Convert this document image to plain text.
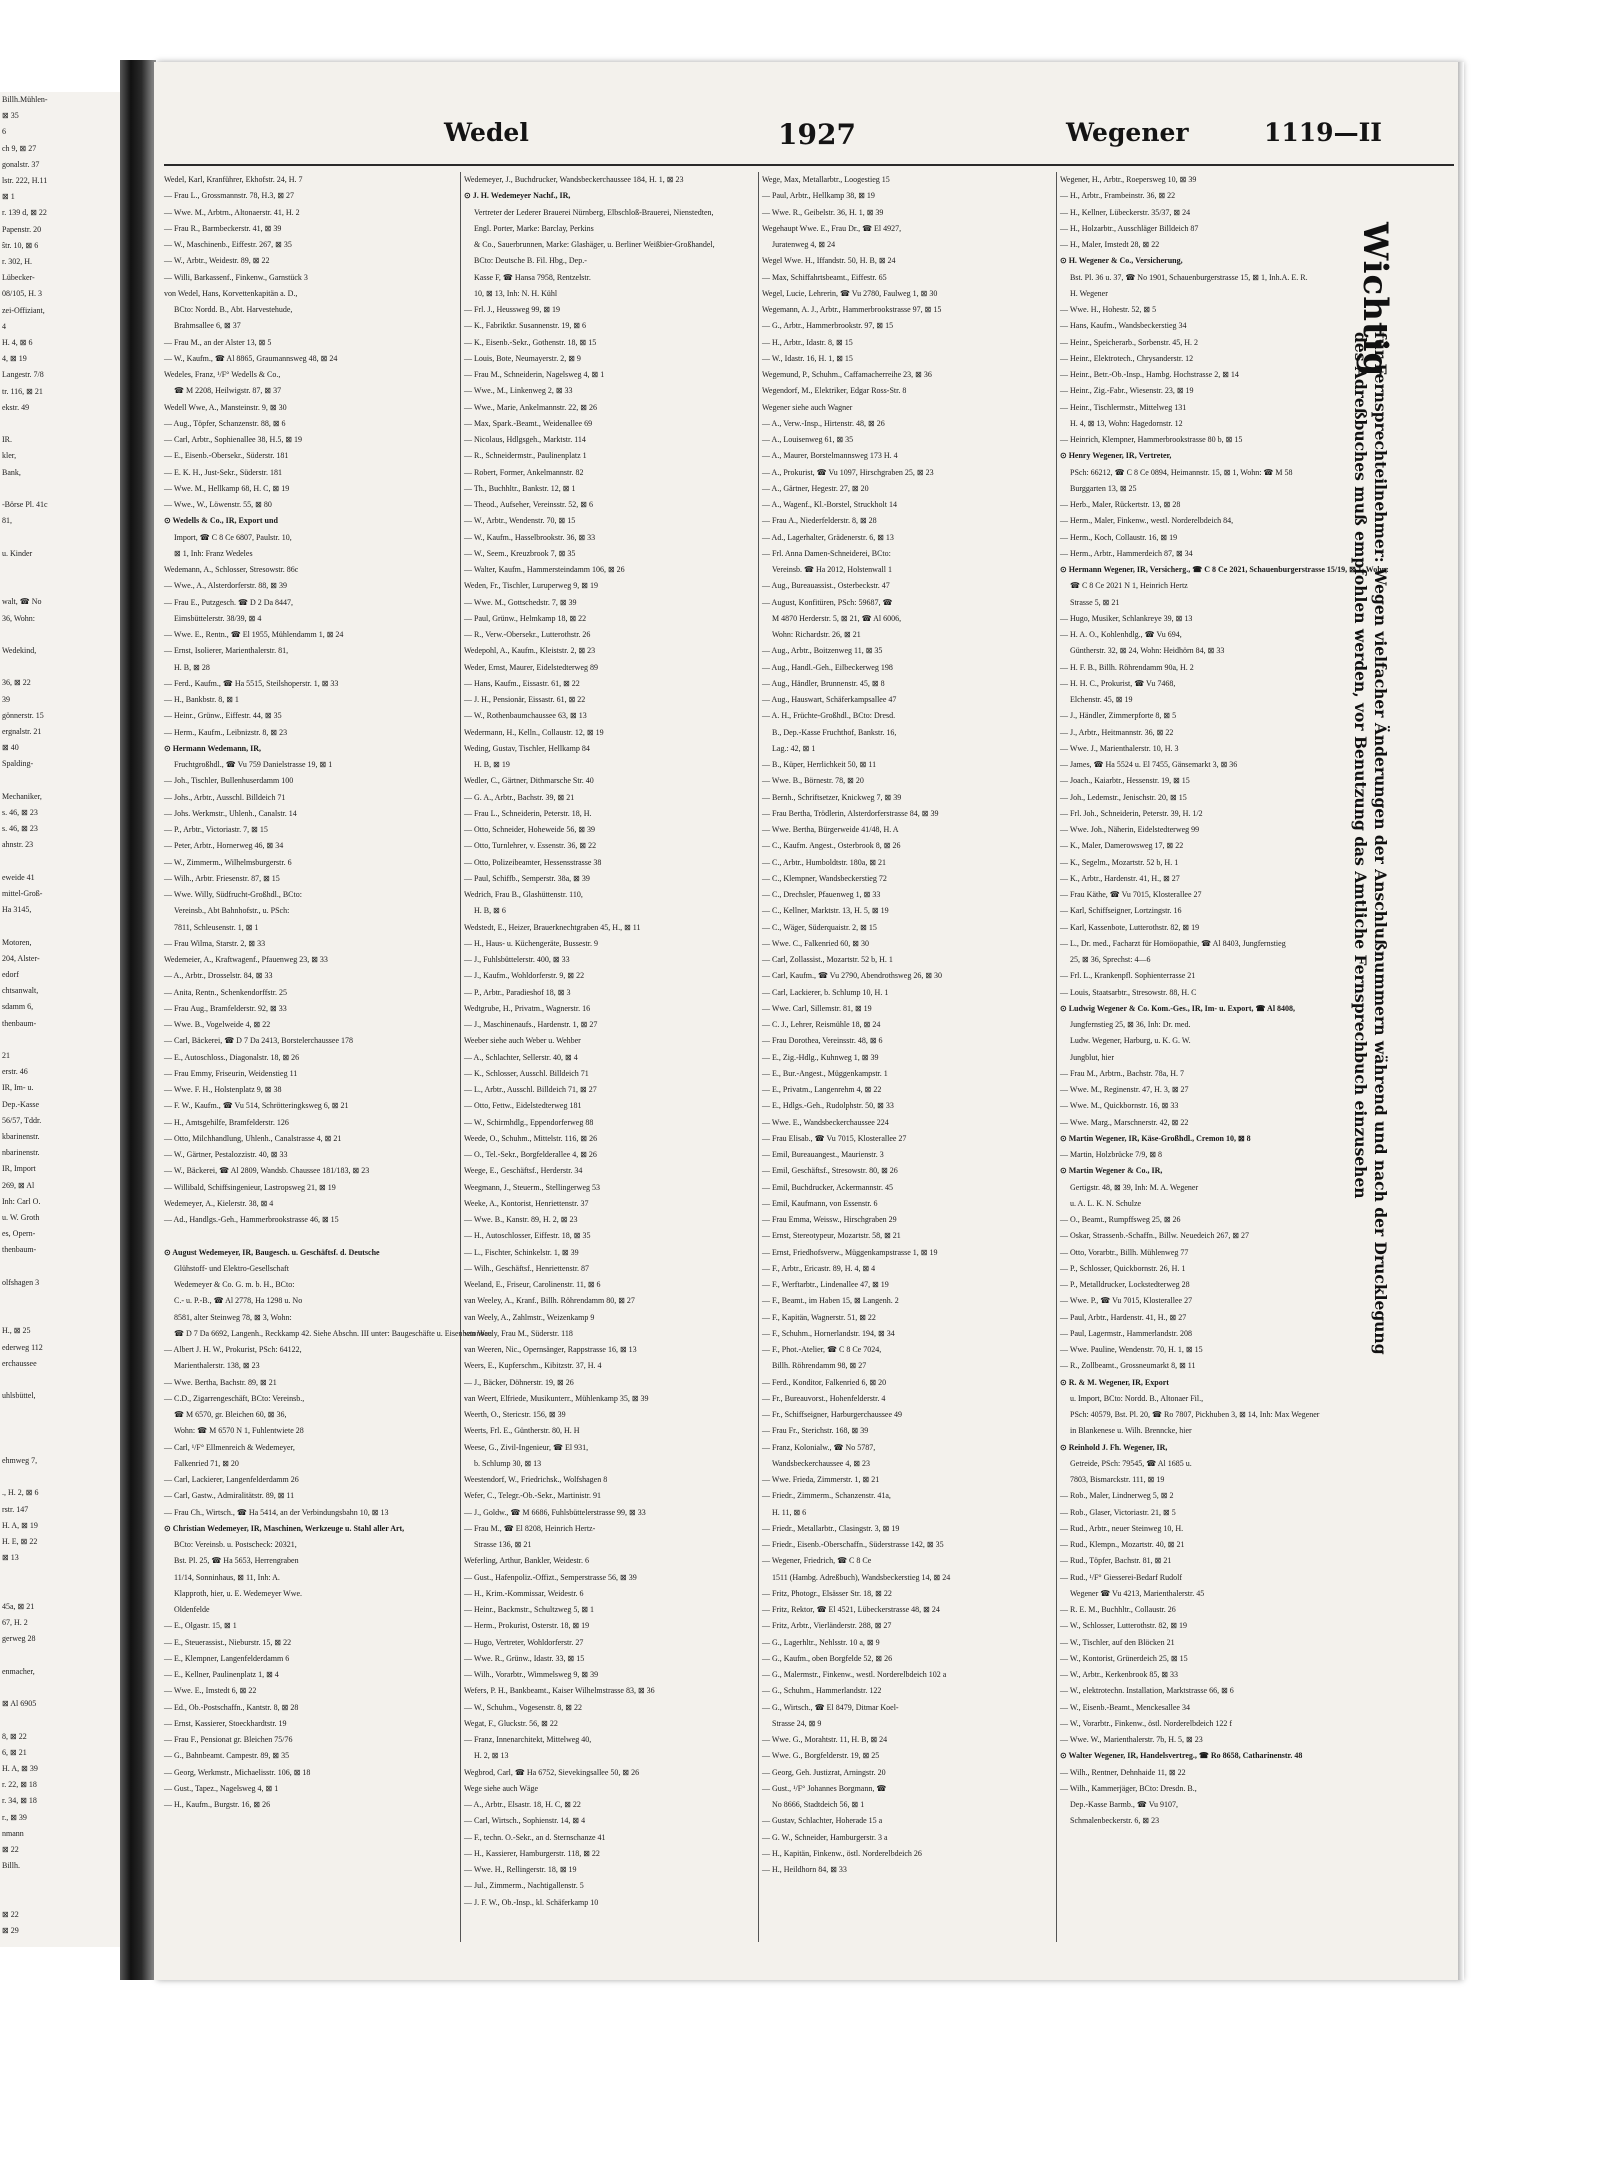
Billh.Mühlen-
⊠ 35
6
ch 9, ⊠ 27
gonalstr. 37
lstr. 222, H.11
⊠ 1
r. 139 d, ⊠ 22
Papenstr. 20
ŝtr. 10, ⊠ 6
r. 302, H.
Lübecker-
08/105, H. 3
zei-Offiziant,
4
H. 4, ⊠ 6
4, ⊠ 19
Langestr. 7/8
tr. 116, ⊠ 21
ekstr. 49

IR.
kler,
Bank,

-Börse Pl. 41c
81,

u. Kinder

walt, ☎ No
36, Wohn:

Wedekind,

36, ⊠ 22
39
gönnerstr. 15
ergnalstr. 21
⊠ 40
Spalding-

Mechaniker,
s. 46, ⊠ 23
s. 46, ⊠ 23
ahnstr. 23

eweide 41
mittel-Groß-
Ha 3145,

Motoren,
204, Alster-
edorf
chtsanwalt,
sdamm 6,
thenbaum-

21
erstr. 46
IR, Im- u.
Dep.-Kasse
56/57, Tddr.
kbarinenstr.
nbarinenstr.
IR, Import
269, ⊠ Al
Inh: Carl O.
u. W. Groth
es, Opern-
thenbaum-

olfshagen 3

H., ⊠ 25
ederweg 112
erchaussee

uhlsbüttel,

ehmweg 7,

., H. 2, ⊠ 6
rstr. 147
H. A, ⊠ 19
H. E, ⊠ 22
⊠ 13

45a, ⊠ 21
67, H. 2
gerweg 28

enmacher,

⊠ Al 6905

8, ⊠ 22
6, ⊠ 21
H. A, ⊠ 39
r. 22, ⊠ 18
r. 34, ⊠ 18
r., ⊠ 39
nmann
⊠ 22
Billh.

⊠ 22
⊠ 29
Wedel	1927	Wegener	1119—II
Wedel, Karl, Kranführer, Ekhofstr. 24, H. 7
— Frau L., Grossmannstr. 78, H.3, ⊠ 27
— Wwe. M., Arbtrn., Altonaerstr. 41, H. 2
— Frau R., Barmbeckerstr. 41, ⊠ 39
— W., Maschinenb., Eiffestr. 267, ⊠ 35
— W., Arbtr., Weidestr. 89, ⊠ 22
— Willi, Barkassenf., Finkenw., Garnstück 3
von Wedel, Hans, Korvettenkapitän a. D.,
BCto: Nordd. B., Abt. Harvestehude,
Brahmsallee 6, ⊠ 37
— Frau M., an der Alster 13, ⊠ 5
— W., Kaufm., ☎ Al 8865, Graumannsweg 48, ⊠ 24
Wedeles, Franz, ¹/F° Wedells & Co.,
☎ M 2208, Heilwigstr. 87, ⊠ 37
Wedell Wwe, A., Mansteinstr. 9, ⊠ 30
— Aug., Töpfer, Schanzenstr. 88, ⊠ 6
— Carl, Arbtr., Sophienallee 38, H.5, ⊠ 19
— E., Eisenb.-Obersekr., Süderstr. 181
— E. K. H., Just-Sekr., Süderstr. 181
— Wwe. M., Hellkamp 68, H. C, ⊠ 19
— Wwe., W., Löwenstr. 55, ⊠ 80
⊙ Wedells & Co., IR, Export und
Import, ☎ C 8 Ce 6807, Paulstr. 10,
⊠ 1, Inh: Franz Wedeles
Wedemann, A., Schlosser, Stresowstr. 86c
— Wwe., A., Alsterdorferstr. 88, ⊠ 39
— Frau E., Putzgesch. ☎ D 2 Da 8447,
Eimsbüttelerstr. 38/39, ⊠ 4
— Wwe. E., Rentn., ☎ El 1955, Mühlendamm 1, ⊠ 24
— Ernst, Isolierer, Marienthalerstr. 81,
H. B, ⊠ 28
— Ferd., Kaufm., ☎ Ha 5515, Steilshoperstr. 1, ⊠ 33
— H., Bankbstr. 8, ⊠ 1
— Heinr., Grünw., Eiffestr. 44, ⊠ 35
— Herm., Kaufm., Leibnizstr. 8, ⊠ 23
⊙ Hermann Wedemann, IR,
Fruchtgroßhdl., ☎ Vu 759 Danielstrasse 19, ⊠ 1
— Joh., Tischler, Bullenhuserdamm 100
— Johs., Arbtr., Ausschl. Billdeich 71
— Johs. Werkmstr., Uhlenh., Canalstr. 14
— P., Arbtr., Victoriastr. 7, ⊠ 15
— Peter, Arbtr., Hornerweg 46, ⊠ 34
— W., Zimmerm., Wilhelmsburgerstr. 6
— Wilh., Arbtr. Friesenstr. 87, ⊠ 15
— Wwe. Willy, Südfrucht-Großhdl., BCto:
Vereinsb., Abt Bahnhofstr., u. PSch:
7811, Schleusenstr. 1, ⊠ 1
— Frau Wilma, Starstr. 2, ⊠ 33
Wedemeier, A., Kraftwagenf., Pfauenweg 23, ⊠ 33
— A., Arbtr., Drosselstr. 84, ⊠ 33
— Anita, Rentn., Schenkendorffstr. 25
— Frau Aug., Bramfelderstr. 92, ⊠ 33
— Wwe. B., Vogelweide 4, ⊠ 22
— Carl, Bäckerei, ☎ D 7 Da 2413, Borstelerchaussee 178
— E., Autoschloss., Diagonalstr. 18, ⊠ 26
— Frau Emmy, Friseurin, Weidenstieg 11
— Wwe. F. H., Holstenplatz 9, ⊠ 38
— F. W., Kaufm., ☎ Vu 514, Schrötteringksweg 6, ⊠ 21
— H., Amtsgehilfe, Bramfelderstr. 126
— Otto, Milchhandlung, Uhlenh., Canalstrasse 4, ⊠ 21
— W., Gärtner, Pestalozzistr. 40, ⊠ 33
— W., Bäckerei, ☎ Al 2809, Wandsb. Chaussee 181/183, ⊠ 23
— Willibald, Schiffsingenieur, Lastropsweg 21, ⊠ 19
Wedemeyer, A., Kielerstr. 38, ⊠ 4
— Ad., Handlgs.-Geh., Hammerbrookstrasse 46, ⊠ 15

⊙ August Wedemeyer, IR, Baugesch. u. Geschäftsf. d. Deutsche
Glühstoff- und Elektro-Gesellschaft
Wedemeyer & Co. G. m. b. H., BCto:
C.- u. P.-B., ☎ Al 2778, Ha 1298 u. No
8581, alter Steinweg 78, ⊠ 3, Wohn:
☎ D 7 Da 6692, Langenh., Reckkamp 42. Siehe Abschn. III unter: Baugeschäfte u. Eisenbetonbau
— Albert J. H. W., Prokurist, PSch: 64122,
Marienthalerstr. 138, ⊠ 23
— Wwe. Bertha, Bachstr. 89, ⊠ 21
— C.D., Zigarrengeschäft, BCto: Vereinsb.,
☎ M 6570, gr. Bleichen 60, ⊠ 36,
Wohn: ☎ M 6570 N 1, Fuhlentwiete 28
— Carl, ¹/F° Ellmenreich & Wedemeyer,
Falkenried 71, ⊠ 20
— Carl, Lackierer, Langenfelderdamm 26
— Carl, Gastw., Admiralitätstr. 89, ⊠ 11
— Frau Ch., Wirtsch., ☎ Ha 5414, an der Verbindungsbahn 10, ⊠ 13
⊙ Christian Wedemeyer, IR, Maschinen, Werkzeuge u. Stahl aller Art,
BCto: Vereinsb. u. Postscheck: 20321,
Bst. Pl. 25, ☎ Ha 5653, Herrengraben
11/14, Sonninhaus, ⊠ 11, Inh: A.
Klapproth, hier, u. E. Wedemeyer Wwe.
Oldenfelde
— E., Olgastr. 15, ⊠ 1
— E., Steuerassist., Nieburstr. 15, ⊠ 22
— E., Klempner, Langenfelderdamm 6
— E., Kellner, Paulinenplatz 1, ⊠ 4
— Wwe. E., Imstedt 6, ⊠ 22
— Ed., Ob.-Postschaffn., Kantstr. 8, ⊠ 28
— Ernst, Kassierer, Stoeckhardtstr. 19
— Frau F., Pensionat gr. Bleichen 75/76
— G., Bahnbeamt. Campestr. 89, ⊠ 35
— Georg, Werkmstr., Michaelisstr. 106, ⊠ 18
— Gust., Tapez., Nagelsweg 4, ⊠ 1
— H., Kaufm., Burgstr. 16, ⊠ 26
Wedemeyer, J., Buchdrucker, Wandsbeckerchaussee 184, H. 1, ⊠ 23
⊙ J. H. Wedemeyer Nachf., IR,
Vertreter der Lederer Brauerei Nürnberg, Elbschloß-Brauerei, Nienstedten,
Engl. Porter, Marke: Barclay, Perkins
& Co., Sauerbrunnen, Marke: Glashäger, u. Berliner Weißbier-Großhandel,
BCto: Deutsche B. Fil. Hbg., Dep.-
Kasse F, ☎ Hansa 7958, Rentzelstr.
10, ⊠ 13, Inh: N. H. Kühl
— Frl. J., Heussweg 99, ⊠ 19
— K., Fabriktkr. Susannenstr. 19, ⊠ 6
— K., Eisenb.-Sekr., Gothenstr. 18, ⊠ 15
— Louis, Bote, Neumayerstr. 2, ⊠ 9
— Frau M., Schneiderin, Nagelsweg 4, ⊠ 1
— Wwe., M., Linkenweg 2, ⊠ 33
— Wwe., Marie, Ankelmannstr. 22, ⊠ 26
— Max, Spark.-Beamt., Weidenallee 69
— Nicolaus, Hdlgsgeh., Marktstr. 114
— R., Schneidermstr., Paulinenplatz 1
— Robert, Former, Ankelmannstr. 82
— Th., Buchhltr., Bankstr. 12, ⊠ 1
— Theod., Aufseher, Vereinsstr. 52, ⊠ 6
— W., Arbtr., Wendenstr. 70, ⊠ 15
— W., Kaufm., Hasselbrookstr. 36, ⊠ 33
— W., Seem., Kreuzbrook 7, ⊠ 35
— Walter, Kaufm., Hammersteindamm 106, ⊠ 26
Weden, Fr., Tischler, Luruperweg 9, ⊠ 19
— Wwe. M., Gottschedstr. 7, ⊠ 39
— Paul, Grünw., Helmkamp 18, ⊠ 22
— R., Verw.-Obersekr., Lutterothstr. 26
Wedepohl, A., Kaufm., Kleiststr. 2, ⊠ 23
Weder, Ernst, Maurer, Eidelstedterweg 89
— Hans, Kaufm., Eissastr. 61, ⊠ 22
— J. H., Pensionär, Eissastr. 61, ⊠ 22
— W., Rothenbaumchaussee 63, ⊠ 13
Wedermann, H., Kelln., Collaustr. 12, ⊠ 19
Weding, Gustav, Tischler, Hellkamp 84
H. B, ⊠ 19
Wedler, C., Gärtner, Dithmarsche Str. 40
— G. A., Arbtr., Bachstr. 39, ⊠ 21
— Frau L., Schneiderin, Peterstr. 18, H.
— Otto, Schneider, Hoheweide 56, ⊠ 39
— Otto, Turnlehrer, v. Essenstr. 36, ⊠ 22
— Otto, Polizeibeamter, Hessensstrasse 38
— Paul, Schiffb., Semperstr. 38a, ⊠ 39
Wedrich, Frau B., Glashüttenstr. 110,
H. B, ⊠ 6
Wedstedt, E., Heizer, Brauerknechtgraben 45, H., ⊠ 11
— H., Haus- u. Küchengeräte, Bussestr. 9
— J., Fuhlsbüttelerstr. 400, ⊠ 33
— J., Kaufm., Wohldorferstr. 9, ⊠ 22
— P., Arbtr., Paradieshof 18, ⊠ 3
Wedtgrube, H., Privatm., Wagnerstr. 16
— J., Maschinenaufs., Hardenstr. 1, ⊠ 27
Weeber siehe auch Weber u. Wehber
— A., Schlachter, Sellerstr. 40, ⊠ 4
— K., Schlosser, Ausschl. Billdeich 71
— L., Arbtr., Ausschl. Billdeich 71, ⊠ 27
— Otto, Fettw., Eidelstedterweg 181
— W., Schirmhdlg., Eppendorferweg 88
Weede, O., Schuhm., Mittelstr. 116, ⊠ 26
— O., Tel.-Sekr., Borgfelderallee 4, ⊠ 26
Weege, E., Geschäftsf., Herderstr. 34
Weegmann, J., Steuerm., Stellingerweg 53
Weeke, A., Kontorist, Henriettenstr. 37
— Wwe. B., Kanstr. 89, H. 2, ⊠ 23
— H., Autoschlosser, Eiffestr. 18, ⊠ 35
— L., Fischter, Schinkelstr. 1, ⊠ 39
— Wilh., Geschäftsf., Henriettenstr. 87
Weeland, E., Friseur, Carolinenstr. 11, ⊠ 6
van Weeley, A., Kranf., Billh. Röhrendamm 80, ⊠ 27
van Weely, A., Zahlmstr., Weizenkamp 9
van Weely, Frau M., Süderstr. 118
van Weeren, Nic., Opernsänger, Rappstrasse 16, ⊠ 13
Weers, E., Kupferschm., Kibitzstr. 37, H. 4
— J., Bäcker, Döhnerstr. 19, ⊠ 26
van Weert, Elfriede, Musikunterr., Mühlenkamp 35, ⊠ 39
Weerth, O., Stericstr. 156, ⊠ 39
Weerts, Frl. E., Güntherstr. 80, H. H
Weese, G., Zivil-Ingenieur, ☎ El 931,
b. Schlump 30, ⊠ 13
Weestendorf, W., Friedrichsk., Wolfshagen 8
Wefer, C., Telegr.-Ob.-Sekr., Martinistr. 91
— J., Goldw., ☎ M 6686, Fuhlsbüttelerstrasse 99, ⊠ 33
— Frau M., ☎ El 8208, Heinrich Hertz-
Strasse 136, ⊠ 21
Weferling, Arthur, Bankler, Weidestr. 6
— Gust., Hafenpoliz.-Offizt., Semperstrasse 56, ⊠ 39
— H., Krim.-Kommissar, Weidestr. 6
— Heinr., Backmstr., Schultzweg 5, ⊠ 1
— Herm., Prokurist, Osterstr. 18, ⊠ 19
— Hugo, Vertreter, Wohldorferstr. 27
— Wwe. R., Grünw., Idastr. 33, ⊠ 15
— Wilh., Vorarbtr., Wimmelsweg 9, ⊠ 39
Wefers, P. H., Bankbeamt., Kaiser Wilhelmstrasse 83, ⊠ 36
— W., Schuhm., Vogesenstr. 8, ⊠ 22
Wegat, F., Gluckstr. 56, ⊠ 22
— Franz, Innenarchitekt, Mittelweg 40,
H. 2, ⊠ 13
Wegbrod, Carl, ☎ Ha 6752, Sievekingsallee 50, ⊠ 26
Wege siehe auch Wäge
— A., Arbtr., Elsastr. 18, H. C, ⊠ 22
— Carl, Wirtsch., Sophienstr. 14, ⊠ 4
— F., techn. O.-Sekr., an d. Sternschanze 41
— H., Kassierer, Hamburgerstr. 118, ⊠ 22
— Wwe. H., Rellingerstr. 18, ⊠ 19
— Jul., Zimmerm., Nachtigallenstr. 5
— J. F. W., Ob.-Insp., kl. Schäferkamp 10
Wege, Max, Metallarbtr., Loogestieg 15
— Paul, Arbtr., Hellkamp 38, ⊠ 19
— Wwe. R., Geibelstr. 36, H. 1, ⊠ 39
Wegehaupt Wwe. E., Frau Dr., ☎ El 4927,
Juratenweg 4, ⊠ 24
Wegel Wwe. H., Iffandstr. 50, H. B, ⊠ 24
— Max, Schiffahrtsbeamt., Eiffestr. 65
Wegel, Lucie, Lehrerin, ☎ Vu 2780, Faulweg 1, ⊠ 30
Wegemann, A. J., Arbtr., Hammerbrookstrasse 97, ⊠ 15
— G., Arbtr., Hammerbrookstr. 97, ⊠ 15
— H., Arbtr., Idastr. 8, ⊠ 15
— W., Idastr. 16, H. 1, ⊠ 15
Wegemund, P., Schuhm., Caffamacherreihe 23, ⊠ 36
Wegendorf, M., Elektriker, Edgar Ross-Str. 8
Wegener siehe auch Wagner
— A., Verw.-Insp., Hirtenstr. 48, ⊠ 26
— A., Louisenweg 61, ⊠ 35
— A., Maurer, Borstelmannsweg 173 H. 4
— A., Prokurist, ☎ Vu 1097, Hirschgraben 25, ⊠ 23
— A., Gärtner, Hegestr. 27, ⊠ 20
— A., Wagenf., Kl.-Borstel, Struckholt 14
— Frau A., Niederfelderstr. 8, ⊠ 28
— Ad., Lagerhalter, Grädenerstr. 6, ⊠ 13
— Frl. Anna Damen-Schneiderei, BCto:
Vereinsb. ☎ Ha 2012, Holstenwall 1
— Aug., Bureauassist., Osterbeckstr. 47
— August, Konfitüren, PSch: 59687, ☎
M 4870 Herderstr. 5, ⊠ 21, ☎ Al 6006,
Wohn: Richardstr. 26, ⊠ 21
— Aug., Arbtr., Boitzenweg 11, ⊠ 35
— Aug., Handl.-Geh., Eilbeckerweg 198
— Aug., Händler, Brunnenstr. 45, ⊠ 8
— Aug., Hauswart, Schäferkampsallee 47
— A. H., Früchte-Großhdl., BCto: Dresd.
B., Dep.-Kasse Fruchthof, Bankstr. 16,
Lag.: 42, ⊠ 1
— B., Küper, Herrlichkeit 50, ⊠ 11
— Wwe. B., Börnestr. 78, ⊠ 20
— Bernh., Schriftsetzer, Knickweg 7, ⊠ 39
— Frau Bertha, Trödlerin, Alsterdorferstrasse 84, ⊠ 39
— Wwe. Bertha, Bürgerweide 41/48, H. A
— C., Kaufm. Angest., Osterbrook 8, ⊠ 26
— C., Arbtr., Humboldtstr. 180a, ⊠ 21
— C., Klempner, Wandsbeckerstieg 72
— C., Drechsler, Pfauenweg 1, ⊠ 33
— C., Kellner, Marktstr. 13, H. 5, ⊠ 19
— C., Wäger, Süderquaistr. 2, ⊠ 15
— Wwe. C., Falkenried 60, ⊠ 30
— Carl, Zollassist., Mozartstr. 52 b, H. 1
— Carl, Kaufm., ☎ Vu 2790, Abendrothsweg 26, ⊠ 30
— Carl, Lackierer, b. Schlump 10, H. 1
— Wwe. Carl, Sillemstr. 81, ⊠ 19
— C. J., Lehrer, Reismühle 18, ⊠ 24
— Frau Dorothea, Vereinsstr. 48, ⊠ 6
— E., Zig.-Hdlg., Kuhnweg 1, ⊠ 39
— E., Bur.-Angest., Müggenkampstr. 1
— E., Privatm., Langenrehm 4, ⊠ 22
— E., Hdlgs.-Geh., Rudolphstr. 50, ⊠ 33
— Wwe. E., Wandsbeckerchaussee 224
— Frau Elisab., ☎ Vu 7015, Klosterallee 27
— Emil, Bureauangest., Maurienstr. 3
— Emil, Geschäftsf., Stresowstr. 80, ⊠ 26
— Emil, Buchdrucker, Ackermannstr. 45
— Emil, Kaufmann, von Essenstr. 6
— Frau Emma, Weissw., Hirschgraben 29
— Ernst, Stereotypeur, Mozartstr. 58, ⊠ 21
— Ernst, Friedhofsverw., Müggenkampstrasse 1, ⊠ 19
— F., Arbtr., Ericastr. 89, H. 4, ⊠ 4
— F., Werftarbtr., Lindenallee 47, ⊠ 19
— F., Beamt., im Haben 15, ⊠ Langenh. 2
— F., Kapitän, Wagnerstr. 51, ⊠ 22
— F., Schuhm., Hornerlandstr. 194, ⊠ 34
— F., Phot.-Atelier, ☎ C 8 Ce 7024,
Billh. Röhrendamm 98, ⊠ 27
— Ferd., Konditor, Falkenried 6, ⊠ 20
— Fr., Bureauvorst., Hohenfelderstr. 4
— Fr., Schiffseigner, Harburgerchaussee 49
— Frau Fr., Sterichstr. 168, ⊠ 39
— Franz, Kolonialw., ☎ No 5787,
Wandsbeckerchaussee 4, ⊠ 23
— Wwe. Frieda, Zimmerstr. 1, ⊠ 21
— Friedr., Zimmerm., Schanzenstr. 41a,
H. 11, ⊠ 6
— Friedr., Metallarbtr., Clasingstr. 3, ⊠ 19
— Friedr., Eisenb.-Oberschaffn., Süderstrasse 142, ⊠ 35
— Wegener, Friedrich, ☎ C 8 Ce
1511 (Hambg. Adreßbuch), Wandsbeckerstieg 14, ⊠ 24
— Fritz, Photogr., Elsässer Str. 18, ⊠ 22
— Fritz, Rektor, ☎ El 4521, Lübeckerstrasse 48, ⊠ 24
— Fritz, Arbtr., Vierländerstr. 288, ⊠ 27
— G., Lagerhltr., Nehlsstr. 10 a, ⊠ 9
— G., Kaufm., oben Borgfelde 52, ⊠ 26
— G., Malermstr., Finkenw., westl. Norderelbdeich 102 a
— G., Schuhm., Hammerlandstr. 122
— G., Wirtsch., ☎ El 8479, Ditmar Koel-
Strasse 24, ⊠ 9
— Wwe. G., Morahtstr. 11, H. B, ⊠ 24
— Wwe. G., Borgfelderstr. 19, ⊠ 25
— Georg, Geh. Justizrat, Arningstr. 20
— Gust., ¹/F° Johannes Borgmann, ☎
No 8666, Stadtdeich 56, ⊠ 1
— Gustav, Schlachter, Hoherade 15 a
— G. W., Schneider, Hamburgerstr. 3 a
— H., Kapitän, Finkenw., östl. Norderelbdeich 26
— H., Heildhorn 84, ⊠ 33
Wegener, H., Arbtr., Roepersweg 10, ⊠ 39
— H., Arbtr., Frambeinstr. 36, ⊠ 22
— H., Kellner, Lübeckerstr. 35/37, ⊠ 24
— H., Holzarbtr., Ausschläger Billdeich 87
— H., Maler, Imstedt 28, ⊠ 22
⊙ H. Wegener & Co., Versicherung,
Bst. Pl. 36 u. 37, ☎ No 1901, Schauenburgerstrasse 15, ⊠ 1, Inh.A. E. R.
H. Wegener
— Wwe. H., Hohestr. 52, ⊠ 5
— Hans, Kaufm., Wandsbeckerstieg 34
— Heinr., Speicherarb., Sorbenstr. 45, H. 2
— Heinr., Elektrotech., Chrysanderstr. 12
— Heinr., Betr.-Ob.-Insp., Hambg. Hochstrasse 2, ⊠ 14
— Heinr., Zig.-Fabr., Wiesenstr. 23, ⊠ 19
— Heinr., Tischlermstr., Mittelweg 131
H. 4, ⊠ 13, Wohn: Hagedornstr. 12
— Heinrich, Klempner, Hammerbrookstrasse 80 b, ⊠ 15
⊙ Henry Wegener, IR, Vertreter,
PSch: 66212, ☎ C 8 Ce 0894, Heimannstr. 15, ⊠ 1, Wohn: ☎ M 58
Burggarten 13, ⊠ 25
— Herb., Maler, Rückertstr. 13, ⊠ 28
— Herm., Maler, Finkenw., westl. Norderelbdeich 84,
— Herm., Koch, Collaustr. 16, ⊠ 19
— Herm., Arbtr., Hammerdeich 87, ⊠ 34
⊙ Hermann Wegener, IR, Versicherg., ☎ C 8 Ce 2021, Schauenburgerstrasse 15/19, ⊠ 1, Wohn:
☎ C 8 Ce 2021 N 1, Heinrich Hertz
Strasse 5, ⊠ 21
— Hugo, Musiker, Schlankreye 39, ⊠ 13
— H. A. O., Kohlenhdlg., ☎ Vu 694,
Güntherstr. 32, ⊠ 24, Wohn: Heidhörn 84, ⊠ 33
— H. F. B., Billh. Röhrendamm 90a, H. 2
— H. H. C., Prokurist, ☎ Vu 7468,
Elchenstr. 45, ⊠ 19
— J., Händler, Zimmerpforte 8, ⊠ 5
— J., Arbtr., Heitmannstr. 36, ⊠ 22
— Wwe. J., Marienthalerstr. 10, H. 3
— James, ☎ Ha 5524 u. El 7455, Gänsemarkt 3, ⊠ 36
— Joach., Kaiarbtr., Hessenstr. 19, ⊠ 15
— Joh., Ledemstr., Jenischstr. 20, ⊠ 15
— Frl. Joh., Schneiderin, Peterstr. 39, H. 1/2
— Wwe. Joh., Näherin, Eidelstedterweg 99
— K., Maler, Damerowsweg 17, ⊠ 22
— K., Segelm., Mozartstr. 52 b, H. 1
— K., Arbtr., Hardenstr. 41, H., ⊠ 27
— Frau Käthe, ☎ Vu 7015, Klosterallee 27
— Karl, Schiffseigner, Lortzingstr. 16
— Karl, Kassenbote, Lutterothstr. 82, ⊠ 19
— L., Dr. med., Facharzt für Homöopathie, ☎ Al 8403, Jungfernstieg
25, ⊠ 36, Sprechst: 4—6
— Frl. L., Krankenpfl. Sophienterrasse 21
— Louis, Staatsarbtr., Stresowstr. 88, H. C
⊙ Ludwig Wegener & Co. Kom.-Ges., IR, Im- u. Export, ☎ Al 8408,
Jungfernstieg 25, ⊠ 36, Inh: Dr. med.
Ludw. Wegener, Harburg, u. K. G. W.
Jungblut, hier
— Frau M., Arbtrn., Bachstr. 78a, H. 7
— Wwe. M., Reginenstr. 47, H. 3, ⊠ 27
— Wwe. M., Quickbornstr. 16, ⊠ 33
— Wwe. Marg., Marschnerstr. 42, ⊠ 22
⊙ Martin Wegener, IR, Käse-Großhdl., Cremon 10, ⊠ 8
— Martin, Holzbrücke 7/9, ⊠ 8
⊙ Martin Wegener & Co., IR,
Gertigstr. 48, ⊠ 39, Inh: M. A. Wegener
u. A. L. K. N. Schulze
— O., Beamt., Rumpffsweg 25, ⊠ 26
— Oskar, Strassenb.-Schaffn., Billw. Neuedeich 267, ⊠ 27
— Otto, Vorarbtr., Billh. Mühlenweg 77
— P., Schlosser, Quickbornstr. 26, H. 1
— P., Metalldrucker, Lockstedterweg 28
— Wwe. P., ☎ Vu 7015, Klosterallee 27
— Paul, Arbtr., Hardenstr. 41, H., ⊠ 27
— Paul, Lagermstr., Hammerlandstr. 208
— Wwe. Pauline, Wendenstr. 70, H. 1, ⊠ 15
— R., Zollbeamt., Grossneumarkt 8, ⊠ 11
⊙ R. & M. Wegener, IR, Export
u. Import, BCto: Nordd. B., Altonaer Fil.,
PSch: 40579, Bst. Pl. 20, ☎ Ro 7807, Pickhuben 3, ⊠ 14, Inh: Max Wegener
in Blankenese u. Wilh. Brenncke, hier
⊙ Reinhold J. Fh. Wegener, IR,
Getreide, PSch: 79545, ☎ Al 1685 u.
7803, Bismarckstr. 111, ⊠ 19
— Rob., Maler, Lindnerweg 5, ⊠ 2
— Rob., Glaser, Victoriastr. 21, ⊠ 5
— Rud., Arbtr., neuer Steinweg 10, H.
— Rud., Klempn., Mozartstr. 40, ⊠ 21
— Rud., Töpfer, Bachstr. 81, ⊠ 21
— Rud., ¹/F° Giesserei-Bedarf Rudolf
Wegener ☎ Vu 4213, Marienthalerstr. 45
— R. E. M., Buchhltr., Collaustr. 26
— W., Schlosser, Lutterothstr. 82, ⊠ 19
— W., Tischler, auf den Blöcken 21
— W., Kontorist, Grünerdeich 25, ⊠ 15
— W., Arbtr., Kerkenbrook 85, ⊠ 33
— W., elektrotechn. Installation, Marktstrasse 66, ⊠ 6
— W., Eisenb.-Beamt., Menckesallee 34
— W., Vorarbtr., Finkenw., östl. Norderelbdeich 122 f
— Wwe. W., Marienthalerstr. 7b, H. 5, ⊠ 23
⊙ Walter Wegener, IR, Handelsvertreg., ☎ Ro 8658, Catharinenstr. 48
— Wilh., Rentner, Dehnhaide 11, ⊠ 22
— Wilh., Kammerjäger, BCto: Dresdn. B.,
Dep.-Kasse Barmb., ☎ Vu 9107,
Schmalenbeckerstr. 6, ⊠ 23
Wichtig
für Fernsprechteilnehmer: Wegen vielfacher Änderungen der Anschlußnummern während und nach der Drucklegung
des Adreßbuches muß empfohlen werden, vor Benutzung das Amtliche Fernsprechbuch einzusehen
